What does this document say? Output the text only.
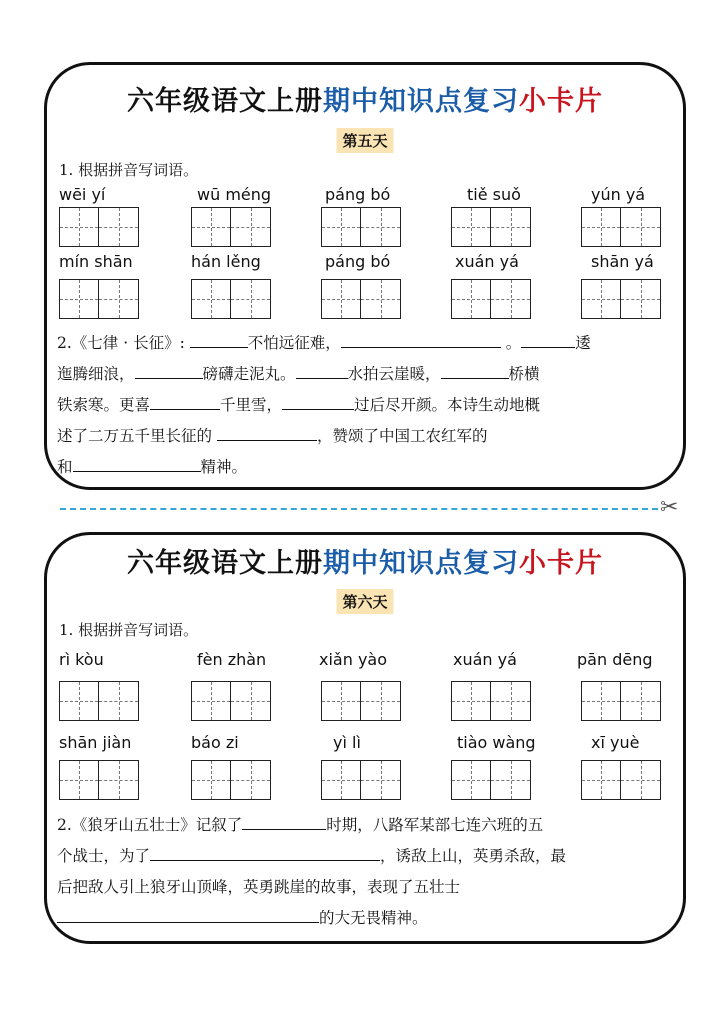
六年级语文上册期中知识点复习小卡片
第五天
1. 根据拼音写词语。
wēi yí	wū méng	páng bó	tiě suǒ	yún yá
mín shān	hán lěng	páng bó	xuán yá	shān yá
2.《七律 · 长征》:	不怕远征难，	。	逶
迤腾细浪，	磅礴走泥丸。	水拍云崖暖，	桥横
铁索寒。更喜	千里雪，	过后尽开颜。本诗生动地概
述了二万五千里长征的	，赞颂了中国工农红军的
和	精神。
✂
六年级语文上册期中知识点复习小卡片
第六天
1. 根据拼音写词语。
rì kòu	fèn zhàn	xiǎn yào	xuán yá	pān dēng
shān jiàn	báo zi	yì lì	tiào wàng	xī yuè
2.《狼牙山五壮士》记叙了	时期，八路军某部七连六班的五
个战士，为了	，诱敌上山，英勇杀敌，最
后把敌人引上狼牙山顶峰，英勇跳崖的故事，表现了五壮士
的大无畏精神。
